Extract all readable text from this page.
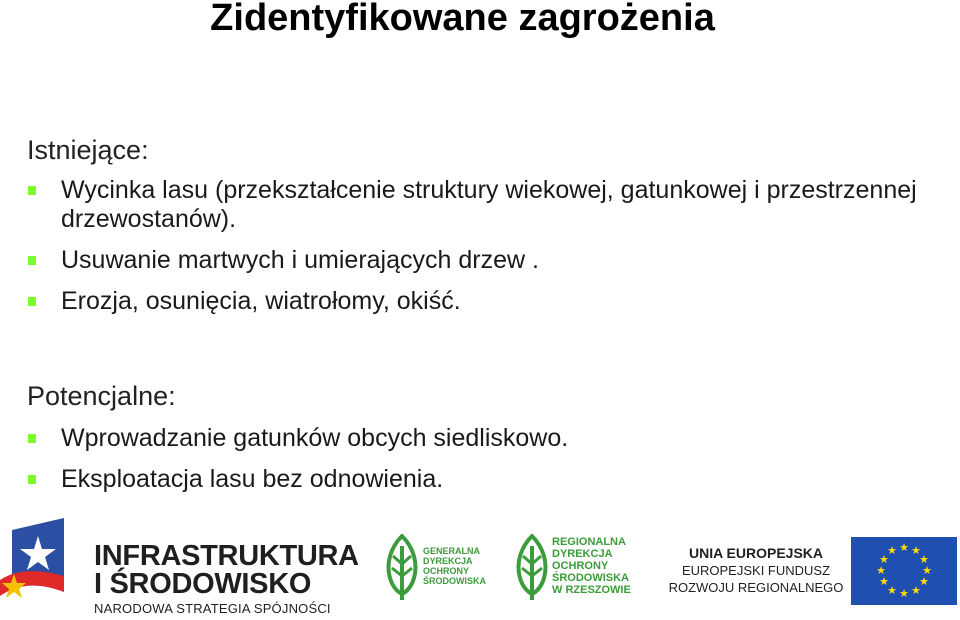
Zidentyfikowane zagrożenia
Istniejące:
Wycinka lasu (przekształcenie struktury wiekowej, gatunkowej i przestrzennej drzewostanów).
Usuwanie martwych i umierających drzew .
Erozja, osunięcia, wiatrołomy, okiść.
Potencjalne:
Wprowadzanie gatunków obcych siedliskowo.
Eksploatacja lasu bez odnowienia.
INFRASTRUKTURA
I ŚRODOWISKO
NARODOWA STRATEGIA SPÓJNOŚCI
GENERALNA
DYREKCJA
OCHRONY
ŚRODOWISKA
REGIONALNA
DYREKCJA
OCHRONY
ŚRODOWISKA
W RZESZOWIE
UNIA EUROPEJSKA
EUROPEJSKI FUNDUSZ
ROZWOJU REGIONALNEGO
★ ★
★
★
★
★
★
★
★
★
★
★
